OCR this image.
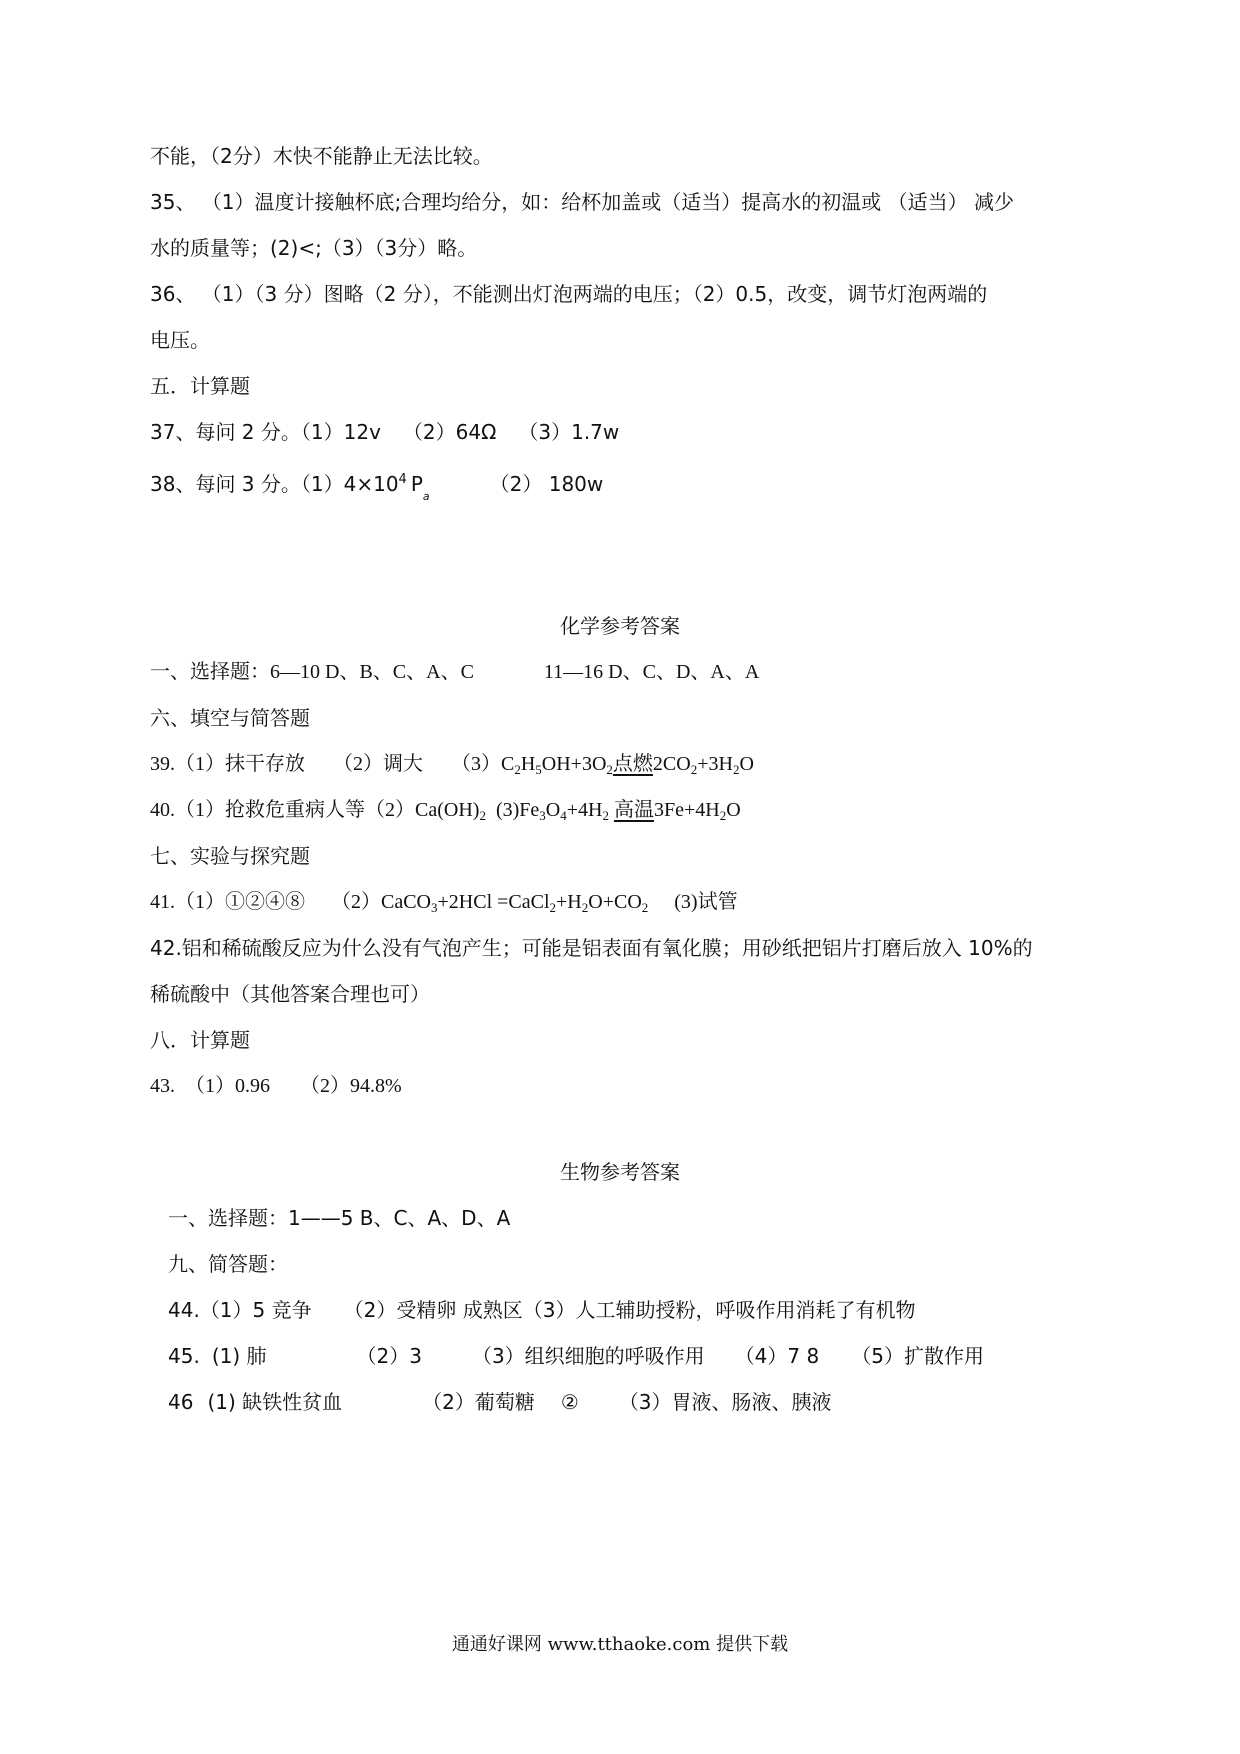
不能，（2分）木快不能静止无法比较。
35、 （1）温度计接触杯底;合理均给分，如：给杯加盖或（适当）提高水的初温或 （适当） 减少
水的质量等；(2)<;（3）（3分）略。
36、 （1）（3 分）图略（2 分），不能测出灯泡两端的电压；（2）0.5，改变，调节灯泡两端的
电压。
五．计算题
37、每问 2 分。（1）12v （2）64Ω （3）1.7w
38、每问 3 分。$(1)4\times 10^4$ $P_a(2)$ 180w
化学参考答案
一、选择题：6—10 D、B、C、A、C	11—16 D、C、D、A、A
六、填空与简答题
39.（1）抹干存放 （2）调大 $(3)C_2H_5OH+3O_2$点燃$2CO_2+3H_2O$
40.（1）抢救危重病人等$(2)Ca(OH)_2$ $(3)Fe_3O_4+4H_2$ 高温$3Fe+4H_2O$
七、实验与探究题
41.（1）①②④⑧ （2）CaCO$_3$+2HCl $=CaCl_2+H_2O+CO_2$ (3)试管
42.铝和稀硫酸反应为什么没有气泡产生；可能是铝表面有氧化膜；用砂纸把铝片打磨后放入 10%的
稀硫酸中（其他答案合理也可）
八．计算题
43. （1）0.96 （2）94.8%
生物参考答案
一、选择题：1——5 B、C、A、D、A
九、简答题：
44.（1）5 竞争 （2）受精卵 成熟区（3）人工辅助授粉，呼吸作用消耗了有机物
45. (1) 肺	（2）3	（3）组织细胞的呼吸作用 （4）7 8 （5）扩散作用
46 (1) 缺铁性贫血	（2）葡萄糖 ② （3）胃液、肠液、胰液
通通好课网 www.tthaoke.com 提供下载
